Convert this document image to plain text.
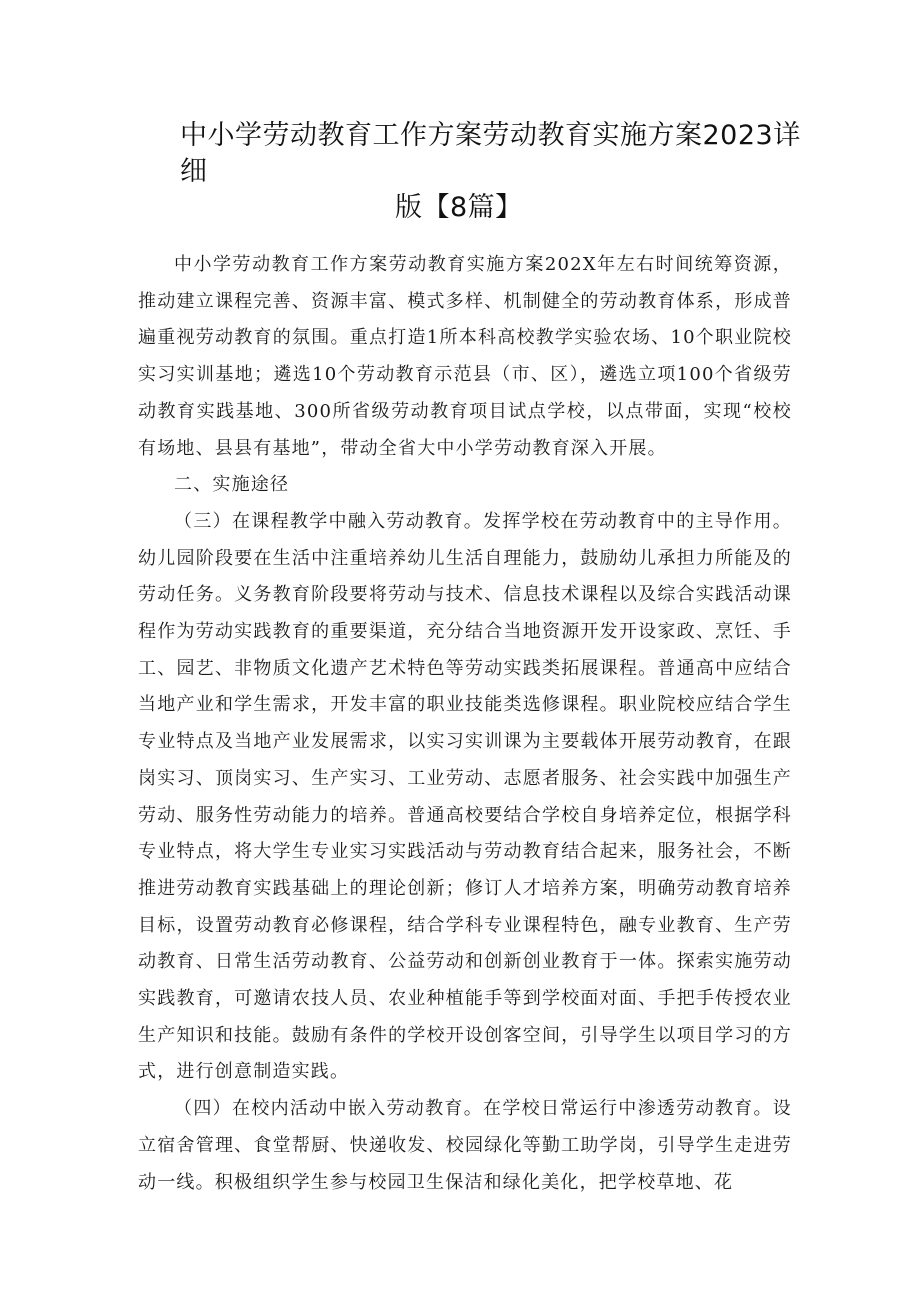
中小学劳动教育工作方案劳动教育实施方案2023详细
版【8篇】

中小学劳动教育工作方案劳动教育实施方案202X年左右时间统筹资源，推动建立课程完善、资源丰富、模式多样、机制健全的劳动教育体系，形成普遍重视劳动教育的氛围。重点打造1所本科高校教学实验农场、10个职业院校实习实训基地；遴选10个劳动教育示范县（市、区），遴选立项100个省级劳动教育实践基地、300所省级劳动教育项目试点学校，以点带面，实现“校校有场地、县县有基地”，带动全省大中小学劳动教育深入开展。

二、实施途径

（三）在课程教学中融入劳动教育。发挥学校在劳动教育中的主导作用。幼儿园阶段要在生活中注重培养幼儿生活自理能力，鼓励幼儿承担力所能及的劳动任务。义务教育阶段要将劳动与技术、信息技术课程以及综合实践活动课程作为劳动实践教育的重要渠道，充分结合当地资源开发开设家政、烹饪、手工、园艺、非物质文化遗产艺术特色等劳动实践类拓展课程。普通高中应结合当地产业和学生需求，开发丰富的职业技能类选修课程。职业院校应结合学生专业特点及当地产业发展需求，以实习实训课为主要载体开展劳动教育，在跟岗实习、顶岗实习、生产实习、工业劳动、志愿者服务、社会实践中加强生产劳动、服务性劳动能力的培养。普通高校要结合学校自身培养定位，根据学科专业特点，将大学生专业实习实践活动与劳动教育结合起来，服务社会，不断推进劳动教育实践基础上的理论创新；修订人才培养方案，明确劳动教育培养目标，设置劳动教育必修课程，结合学科专业课程特色，融专业教育、生产劳动教育、日常生活劳动教育、公益劳动和创新创业教育于一体。探索实施劳动实践教育，可邀请农技人员、农业种植能手等到学校面对面、手把手传授农业生产知识和技能。鼓励有条件的学校开设创客空间，引导学生以项目学习的方式，进行创意制造实践。

（四）在校内活动中嵌入劳动教育。在学校日常运行中渗透劳动教育。设立宿舍管理、食堂帮厨、快递收发、校园绿化等勤工助学岗，引导学生走进劳动一线。积极组织学生参与校园卫生保洁和绿化美化，把学校草地、花
